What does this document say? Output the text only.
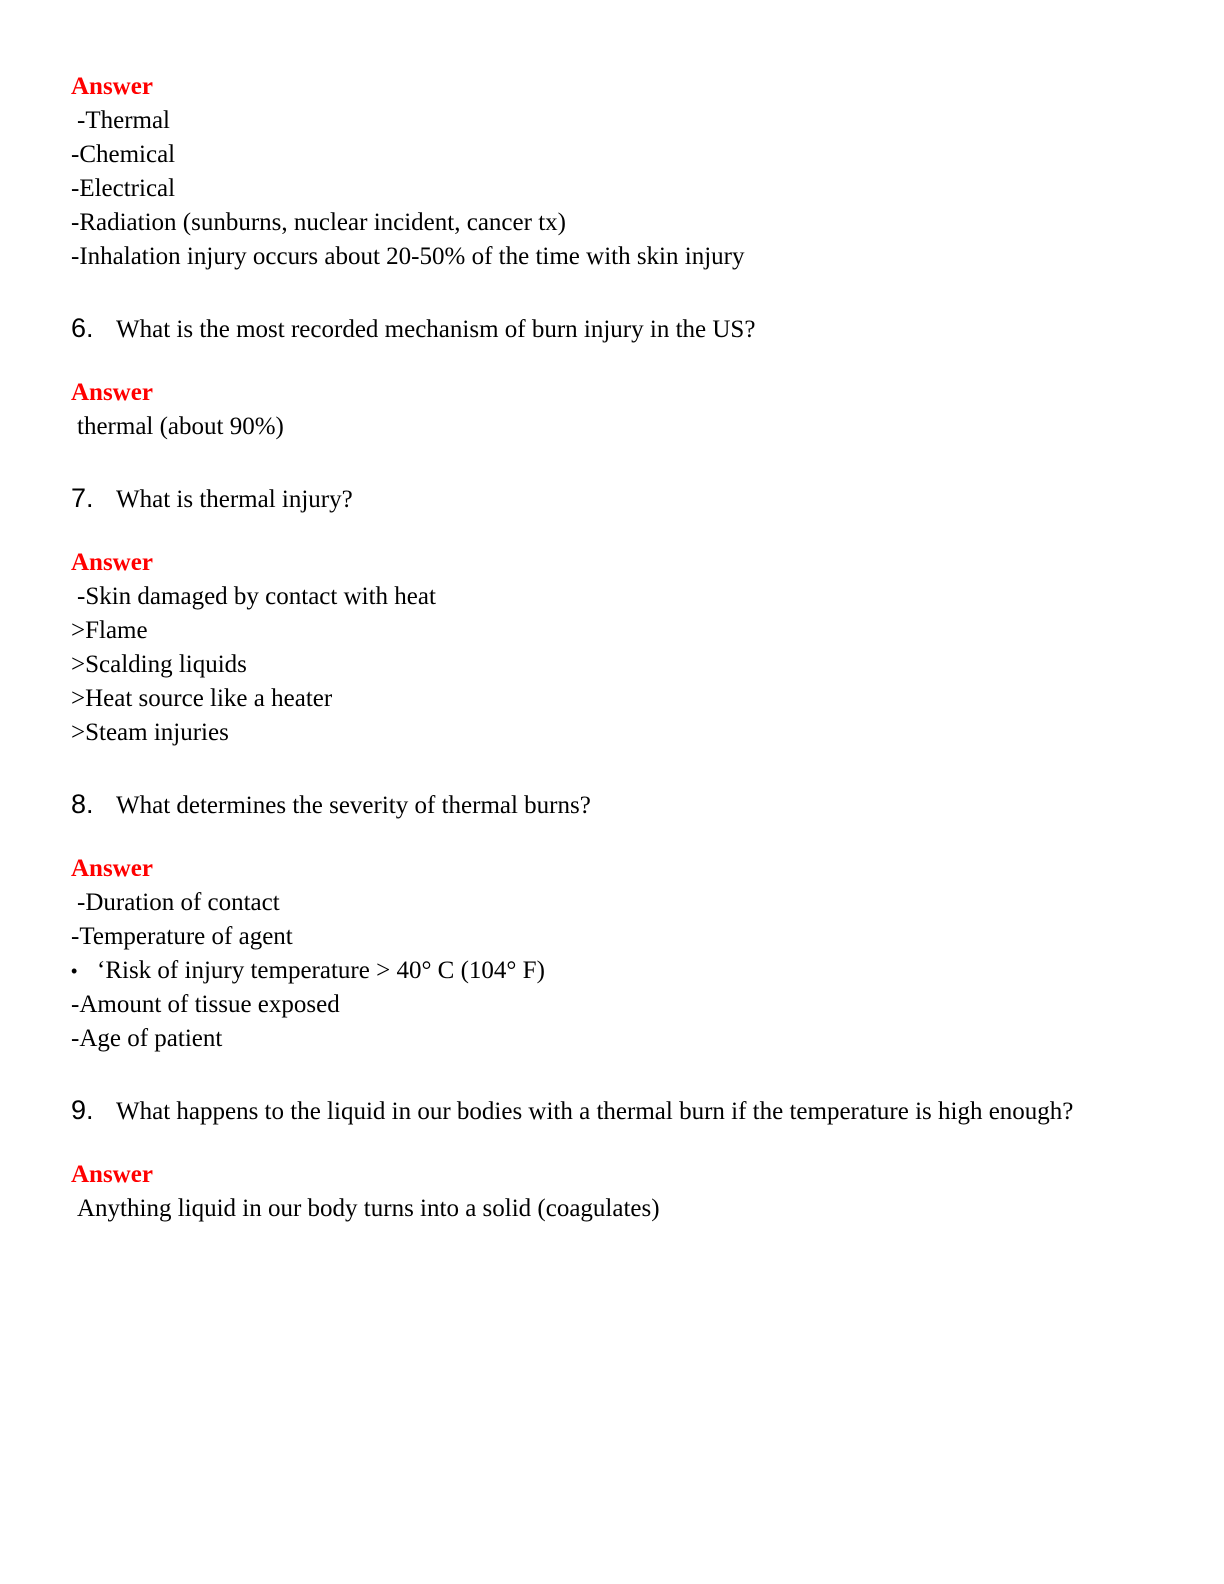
Answer
-Thermal
-Chemical
-Electrical
-Radiation (sunburns, nuclear incident, cancer tx)
-Inhalation injury occurs about 20-50% of the time with skin injury
6. What is the most recorded mechanism of burn injury in the US?
Answer
thermal (about 90%)
7. What is thermal injury?
Answer
-Skin damaged by contact with heat
>Flame
>Scalding liquids
>Heat source like a heater
>Steam injuries
8. What determines the severity of thermal burns?
Answer
-Duration of contact
-Temperature of agent
• ‘Risk of injury temperature > 40° C (104° F)
-Amount of tissue exposed
-Age of patient
9. What happens to the liquid in our bodies with a thermal burn if the temperature is high enough?
Answer
Anything liquid in our body turns into a solid (coagulates)
